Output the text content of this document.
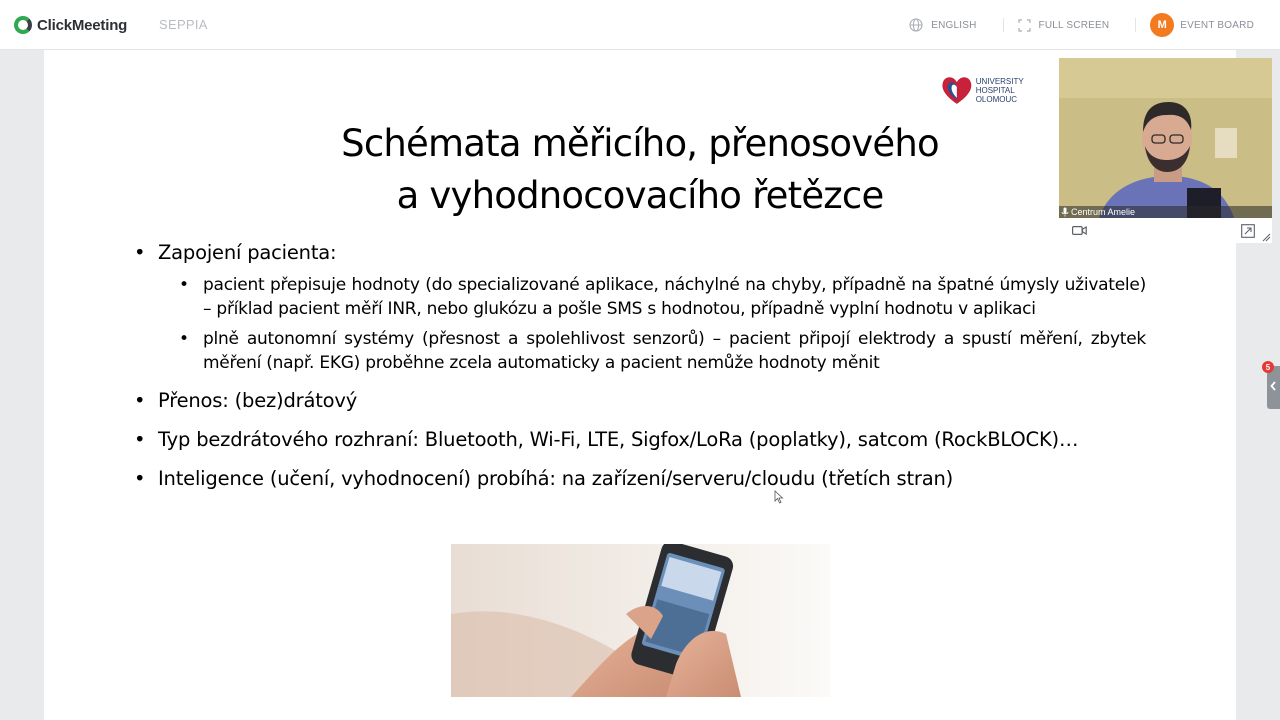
ClickMeeting SEPPIA	ENGLISH	FULL SCREEN	M	EVENT BOARD
UNIVERSITY HOSPITAL
OLOMOUC
Schémata měřicího, přenosového
a vyhodnocovacího řetězce
• Zapojení pacienta:
• pacient přepisuje hodnoty (do specializované aplikace, náchylné na chyby, případně na špatné úmysly uživatele) – příklad pacient měří INR, nebo glukózu a pošle SMS s hodnotou, případně vyplní hodnotu v aplikaci
• plně autonomní systémy (přesnost a spolehlivost senzorů) – pacient připojí elektrody a spustí měření, zbytek měření (např. EKG) proběhne zcela automaticky a pacient nemůže hodnoty měnit
• Přenos: (bez)drátový
• Typ bezdrátového rozhraní: Bluetooth, Wi-Fi, LTE, Sigfox/LoRa (poplatky), satcom (RockBLOCK)…
• Inteligence (učení, vyhodnocení) probíhá: na zařízení/serveru/cloudu (třetích stran)
Centrum Amelie
5
